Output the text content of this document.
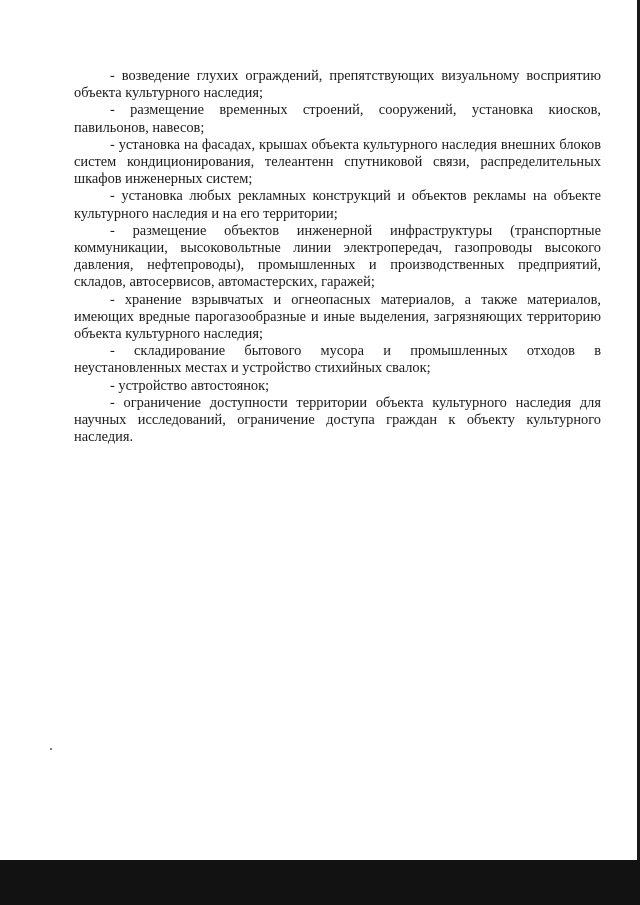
- возведение глухих ограждений, препятствующих визуальному восприятию объекта культурного наследия;

- размещение временных строений, сооружений, установка киосков, павильонов, навесов;

- установка на фасадах, крышах объекта культурного наследия внешних блоков систем кондиционирования, телеантенн спутниковой связи, распределительных шкафов инженерных систем;

- установка любых рекламных конструкций и объектов рекламы на объекте культурного наследия и на его территории;

- размещение объектов инженерной инфраструктуры (транспортные коммуникации, высоковольтные линии электропередач, газопроводы высокого давления, нефтепроводы), промышленных и производственных предприятий, складов, автосервисов, автомастерских, гаражей;

- хранение взрывчатых и огнеопасных материалов, а также материалов, имеющих вредные парогазообразные и иные выделения, загрязняющих территорию объекта культурного наследия;

- складирование бытового мусора и промышленных отходов в неустановленных местах и устройство стихийных свалок;

- устройство автостоянок;

- ограничение доступности территории объекта культурного наследия для научных исследований, ограничение доступа граждан к объекту культурного наследия.
